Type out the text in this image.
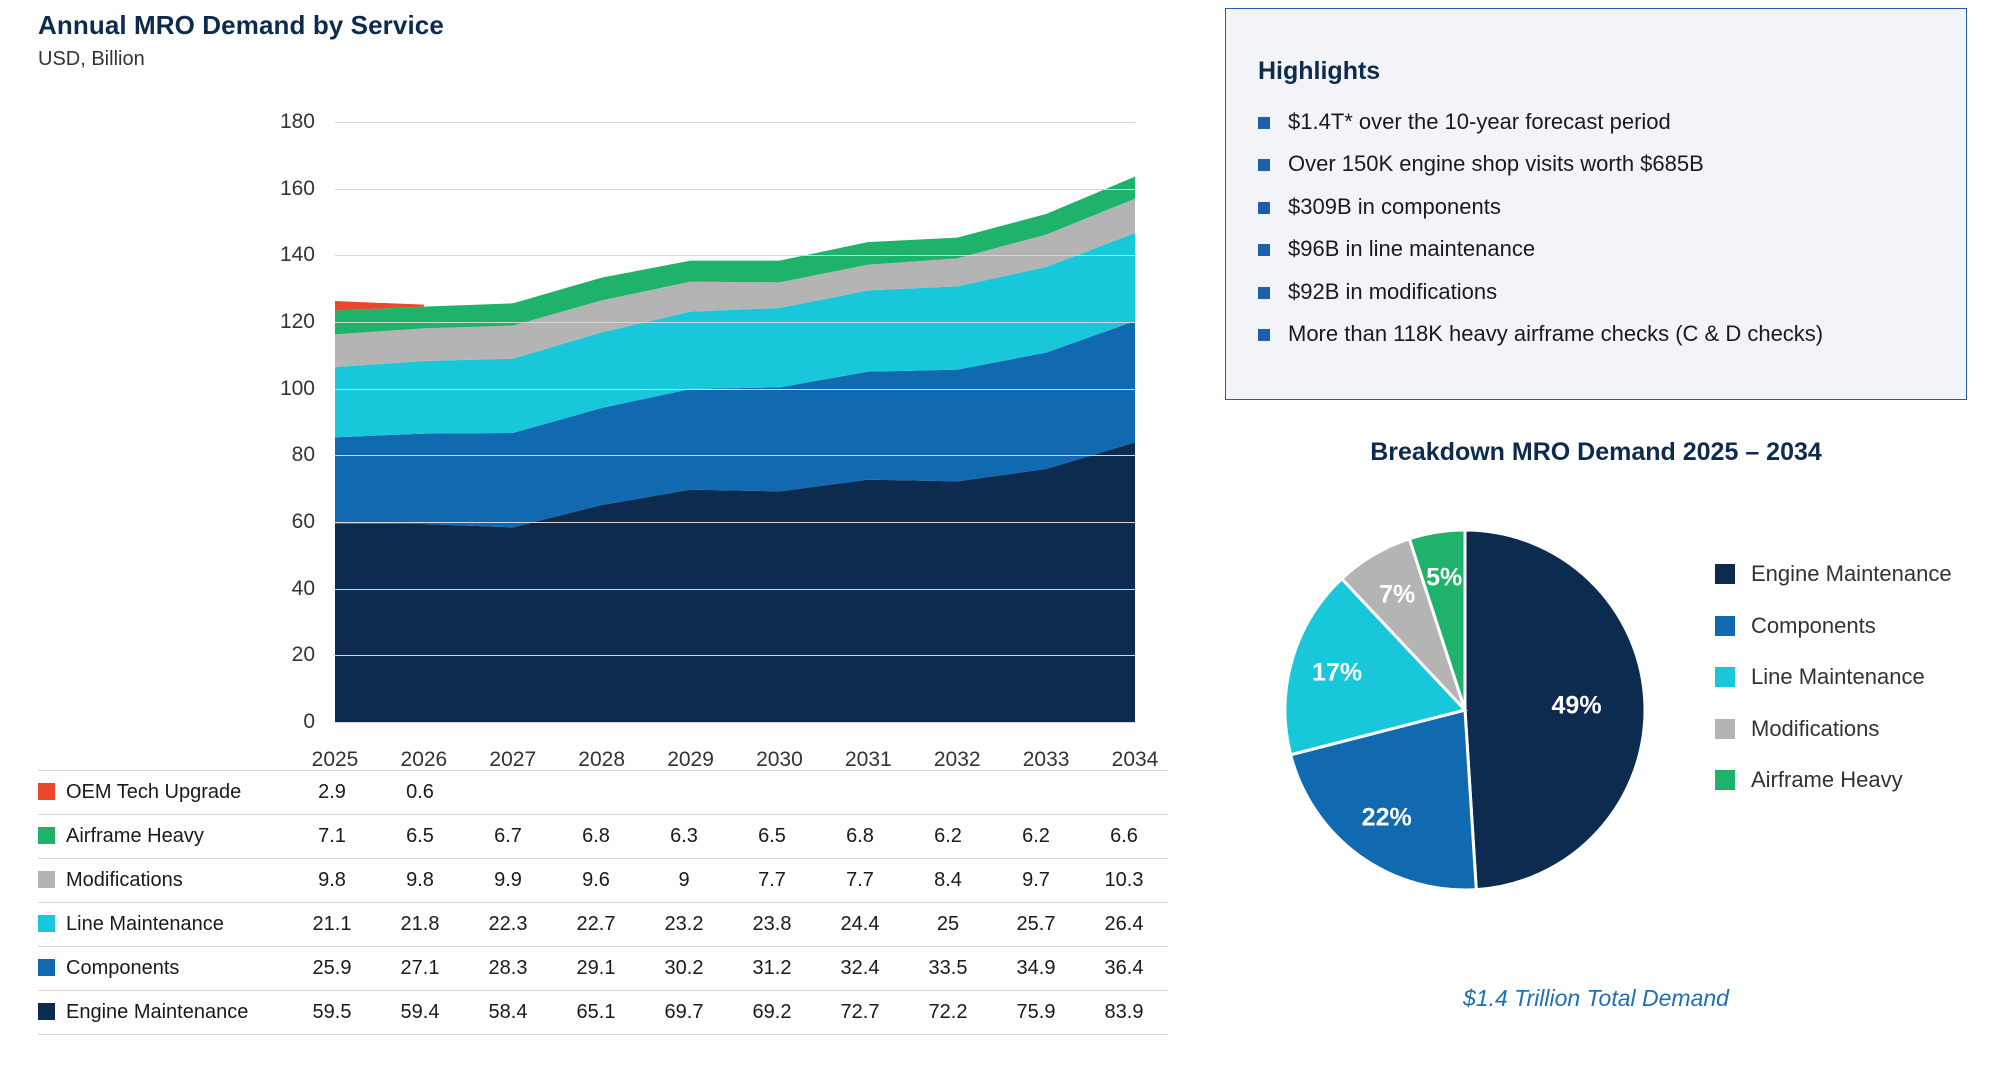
Annual MRO Demand by Service
USD, Billion
0
20
40
60
80
100
120
140
160
180
2025	2026	2027	2028	2029	2030	2031	2032	2033	2034
OEM Tech Upgrade	2.9	0.6								
Airframe Heavy	7.1	6.5	6.7	6.8	6.3	6.5	6.8	6.2	6.2	6.6
Modifications	9.8	9.8	9.9	9.6	9	7.7	7.7	8.4	9.7	10.3
Line Maintenance	21.1	21.8	22.3	22.7	23.2	23.8	24.4	25	25.7	26.4
Components	25.9	27.1	28.3	29.1	30.2	31.2	32.4	33.5	34.9	36.4
Engine Maintenance	59.5	59.4	58.4	65.1	69.7	69.2	72.7	72.2	75.9	83.9
Highlights
$1.4T* over the 10-year forecast period
Over 150K engine shop visits worth $685B
$309B in components
$96B in line maintenance
$92B in modifications
More than 118K heavy airframe checks (C & D checks)
Breakdown MRO Demand 2025 – 2034
49%
22%
17%
7%
5%	Engine Maintenance
Components
Line Maintenance
Modifications
Airframe Heavy
$1.4 Trillion Total Demand
